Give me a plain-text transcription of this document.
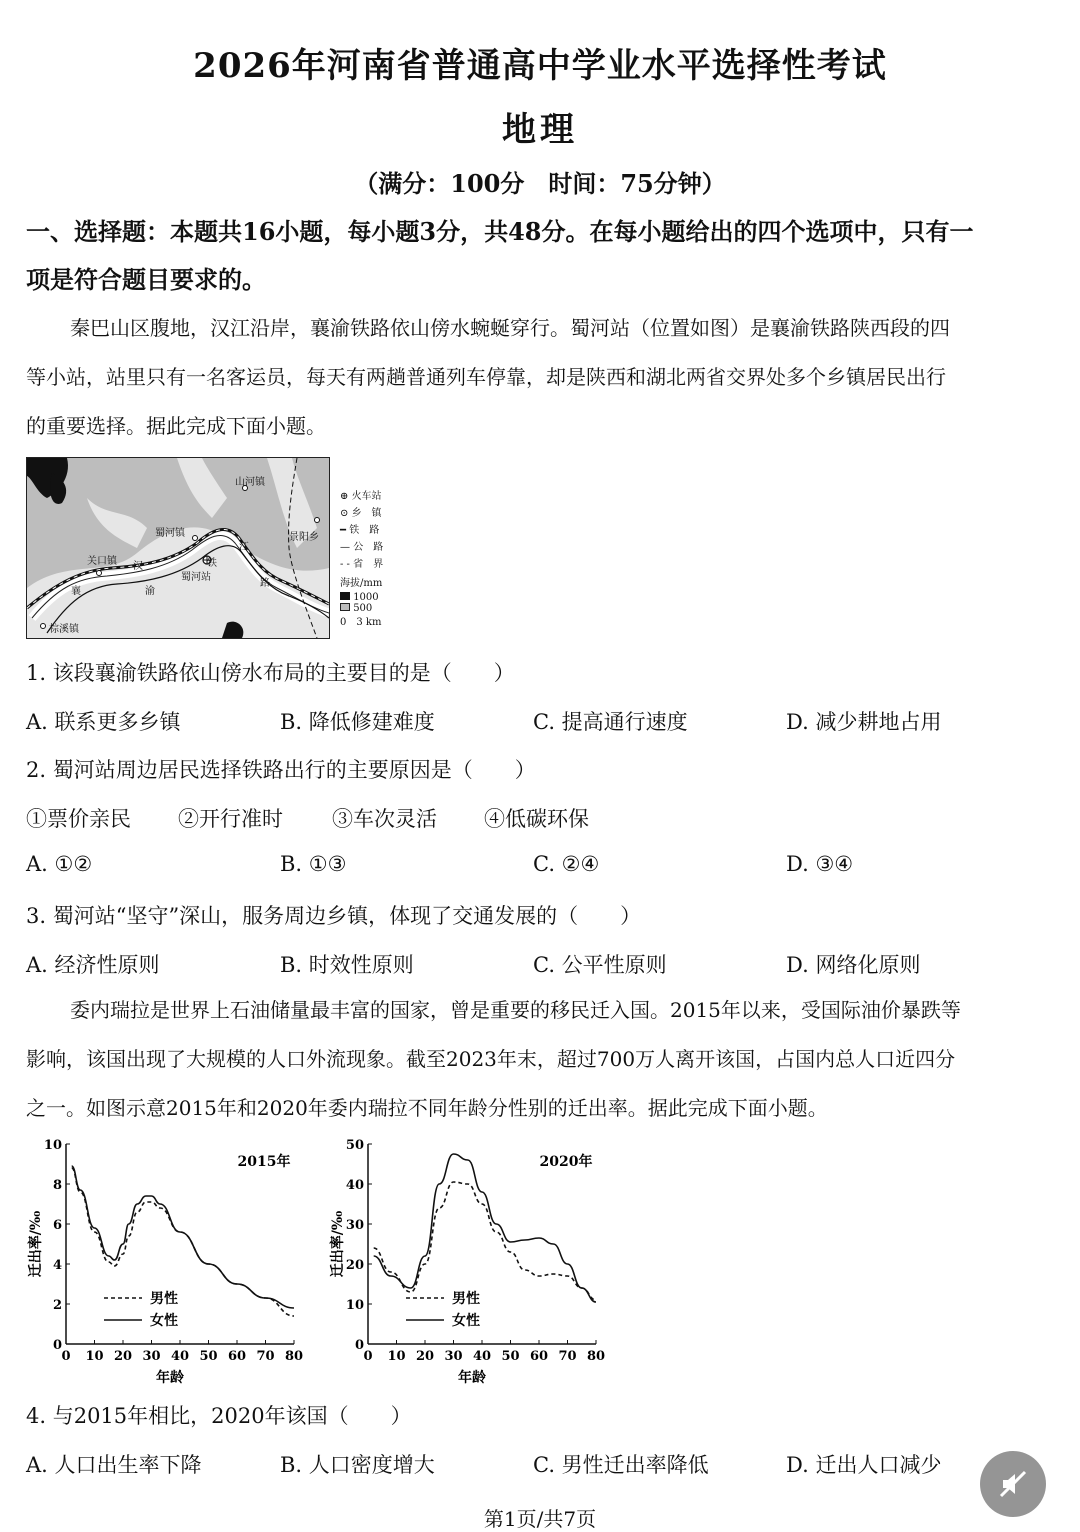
2026年河南省普通高中学业水平选择性考试
地理
（满分：100分　时间：75分钟）
一、选择题：本题共16小题，每小题3分，共48分。在每小题给出的四个选项中，只有一
项是符合题目要求的。
秦巴山区腹地，汉江沿岸，襄渝铁路依山傍水蜿蜒穿行。蜀河站（位置如图）是襄渝铁路陕西段的四
等小站，站里只有一名客运员，每天有两趟普通列车停靠，却是陕西和湖北两省交界处多个乡镇居民出行
的重要选择。据此完成下面小题。
山河镇
蜀河镇
关口镇 汉
江
襄	渝
铁
路
蜀河站
景阳乡
棕溪镇
⊕ 火车站
⊙ 乡　镇
━ 铁　路
— 公　路
- - 省　界
海拔/mm
1000
500
0　3 km
1. 该段襄渝铁路依山傍水布局的主要目的是（　　）
A. 联系更多乡镇	B. 降低修建难度	C. 提高通行速度	D. 减少耕地占用
2. 蜀河站周边居民选择铁路出行的主要原因是（　　）
①票价亲民 ②开行准时 ③车次灵活 ④低碳环保
A. ①②	B. ①③	C. ②④	D. ③④
3. 蜀河站“坚守”深山，服务周边乡镇，体现了交通发展的（　　）
A. 经济性原则	B. 时效性原则	C. 公平性原则	D. 网络化原则
委内瑞拉是世界上石油储量最丰富的国家，曾是重要的移民迁入国。2015年以来，受国际油价暴跌等
影响，该国出现了大规模的人口外流现象。截至2023年末，超过700万人离开该国，占国内总人口近四分
之一。如图示意2015年和2020年委内瑞拉不同年龄分性别的迁出率。据此完成下面小题。
0 10 20 30 40 50 60 70 80
0
2
4
6
8
10
2015年
年龄
迁出率/%₀
男性
女性
0 10 20 30 40 50 60 70 80
0
10
20
30
40
50
2020年
年龄
迁出率/%₀
男性
女性
4. 与2015年相比，2020年该国（　　）
A. 人口出生率下降	B. 人口密度增大	C. 男性迁出率降低	D. 迁出人口减少
第1页/共7页
